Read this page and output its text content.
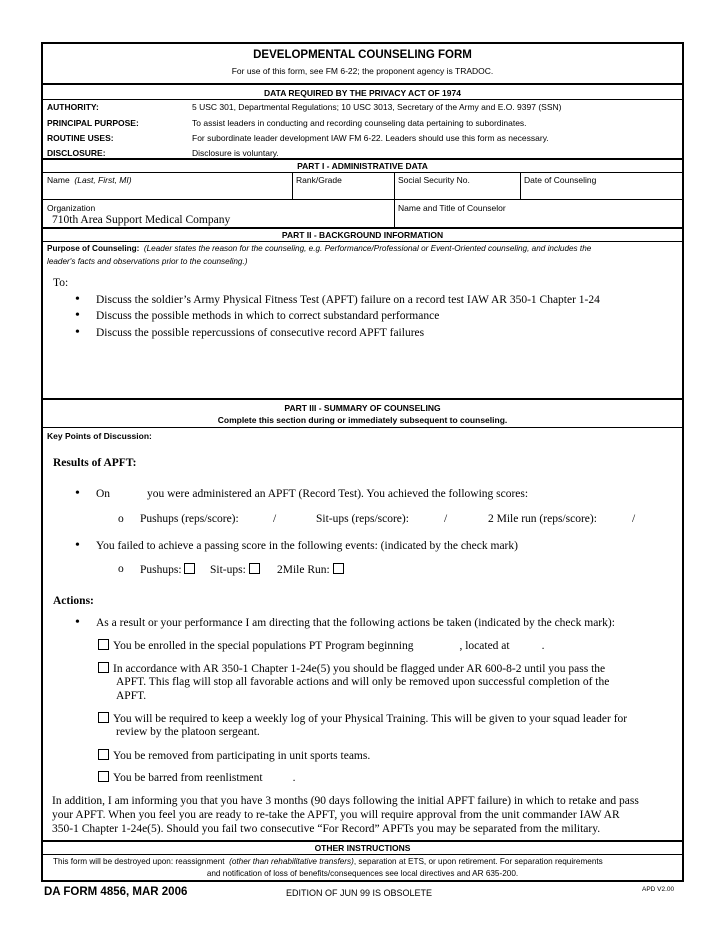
DEVELOPMENTAL COUNSELING FORM
For use of this form, see FM 6-22; the proponent agency is TRADOC.
DATA REQUIRED BY THE PRIVACY ACT OF 1974
AUTHORITY:	5 USC 301, Departmental Regulations; 10 USC 3013, Secretary of the Army and E.O. 9397 (SSN)
PRINCIPAL PURPOSE:	To assist leaders in conducting and recording counseling data pertaining to subordinates.
ROUTINE USES:	For subordinate leader development IAW FM 6-22. Leaders should use this form as necessary.
DISCLOSURE:	Disclosure is voluntary.
PART I - ADMINISTRATIVE DATA
Name (Last, First, MI)	Rank/Grade	Social Security No.	Date of Counseling
Organization
710th Area Support Medical Company
Name and Title of Counselor
PART II - BACKGROUND INFORMATION
Purpose of Counseling: (Leader states the reason for the counseling, e.g. Performance/Professional or Event-Oriented counseling, and includes the
leader's facts and observations prior to the counseling.)
To:
• Discuss the soldier’s Army Physical Fitness Test (APFT) failure on a record test IAW AR 350-1 Chapter 1-24
• Discuss the possible methods in which to correct substandard performance
• Discuss the possible repercussions of consecutive record APFT failures
PART III - SUMMARY OF COUNSELING
Complete this section during or immediately subsequent to counseling.
Key Points of Discussion:
Results of APFT:
• On	you were administered an APFT (Record Test). You achieved the following scores:
o Pushups (reps/score):	/	Sit-ups (reps/score):	/	2 Mile run (reps/score):	/
• You failed to achieve a passing score in the following events: (indicated by the check mark)
o Pushups:	Sit-ups:	2Mile Run:
Actions:
• As a result or your performance I am directing that the following actions be taken (indicated by the check mark):
You be enrolled in the special populations PT Program beginning	, located at	.
In accordance with AR 350-1 Chapter 1-24e(5) you should be flagged under AR 600-8-2 until you pass the
APFT. This flag will stop all favorable actions and will only be removed upon successful completion of the
APFT.
You will be required to keep a weekly log of your Physical Training. This will be given to your squad leader for
review by the platoon sergeant.
You be removed from participating in unit sports teams.
You be barred from reenlistment	.
In addition, I am informing you that you have 3 months (90 days following the initial APFT failure) in which to retake and pass
your APFT. When you feel you are ready to re-take the APFT, you will require approval from the unit commander IAW AR
350-1 Chapter 1-24e(5). Should you fail two consecutive “For Record” APFTs you may be separated from the military.
OTHER INSTRUCTIONS
This form will be destroyed upon: reassignment (other than rehabilitative transfers), separation at ETS, or upon retirement. For separation requirements
and notification of loss of benefits/consequences see local directives and AR 635-200.
DA FORM 4856, MAR 2006	EDITION OF JUN 99 IS OBSOLETE	APD V2.00
